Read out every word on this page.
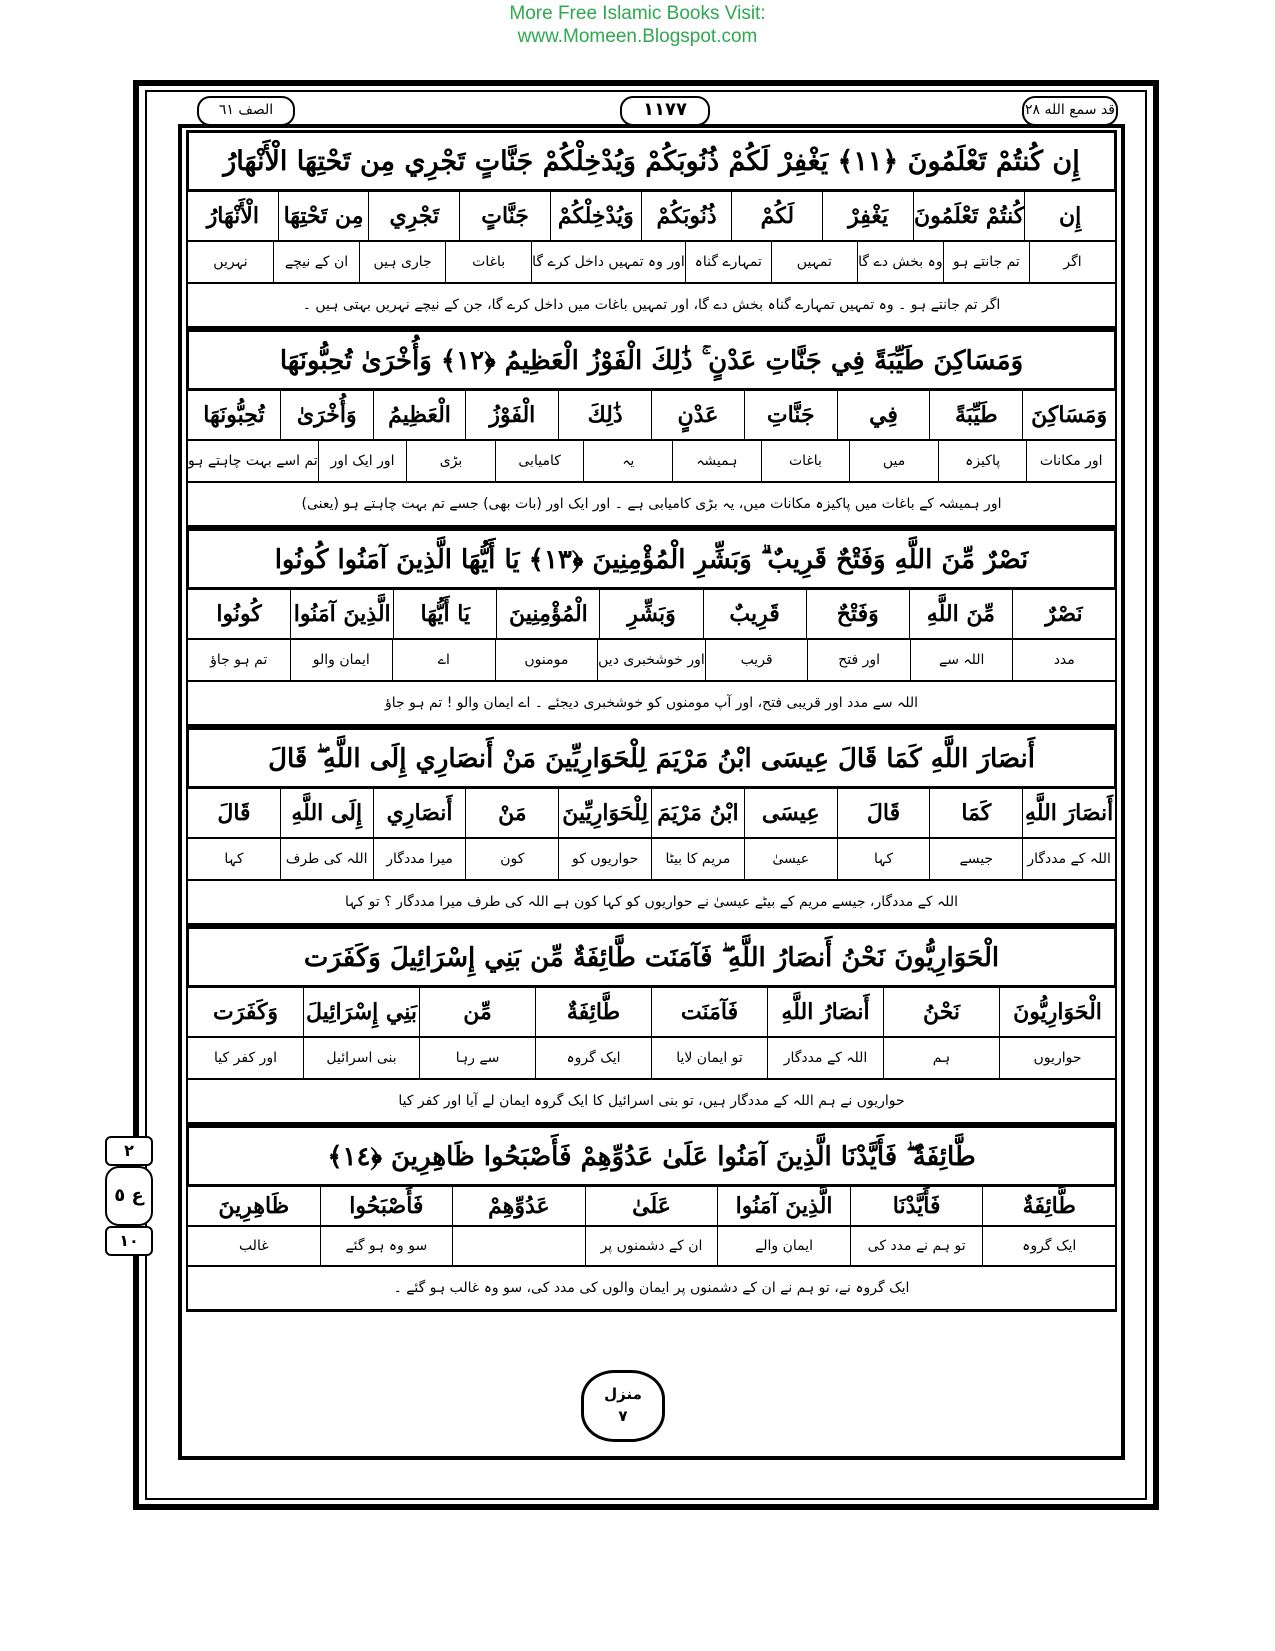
More Free Islamic Books Visit:
www.Momeen.Blogspot.com
الصف ٦١	۱۱۷۷	قد سمع الله ٢٨
إِن كُنتُمْ تَعْلَمُونَ ﴿١١﴾ يَغْفِرْ لَكُمْ ذُنُوبَكُمْ وَيُدْخِلْكُمْ جَنَّاتٍ تَجْرِي مِن تَحْتِهَا الْأَنْهَارُ
إِن
كُنتُمْ تَعْلَمُونَ
يَغْفِرْ
لَكُمْ
ذُنُوبَكُمْ
وَيُدْخِلْكُمْ
جَنَّاتٍ
تَجْرِي
مِن تَحْتِهَا
الْأَنْهَارُ
اگر
تم جانتے ہو
وہ بخش دے گا
تمہیں
تمہارے گناہ
اور وہ تمہیں داخل کرے گا
باغات
جاری ہیں
ان کے نیچے
نہریں
اگر تم جانتے ہو ۔ وہ تمہیں تمہارے گناہ بخش دے گا، اور تمہیں باغات میں داخل کرے گا، جن کے نیچے نہریں بہتی ہیں ۔
وَمَسَاكِنَ طَيِّبَةً فِي جَنَّاتِ عَدْنٍ ۚ ذَٰلِكَ الْفَوْزُ الْعَظِيمُ ﴿١٢﴾ وَأُخْرَىٰ تُحِبُّونَهَا
وَمَسَاكِنَ
طَيِّبَةً
فِي
جَنَّاتِ
عَدْنٍ
ذَٰلِكَ
الْفَوْزُ
الْعَظِيمُ
وَأُخْرَىٰ
تُحِبُّونَهَا
اور مکانات
پاکیزہ
میں
باغات
ہمیشہ
یہ
کامیابی
بڑی
اور ایک اور
تم اسے بہت چاہتے ہو
اور ہمیشہ کے باغات میں پاکیزہ مکانات میں، یہ بڑی کامیابی ہے ۔ اور ایک اور (بات بھی) جسے تم بہت چاہتے ہو (یعنی)
نَصْرٌ مِّنَ اللَّهِ وَفَتْحٌ قَرِيبٌ ۗ وَبَشِّرِ الْمُؤْمِنِينَ ﴿١٣﴾ يَا أَيُّهَا الَّذِينَ آمَنُوا كُونُوا
نَصْرٌ
مِّنَ اللَّهِ
وَفَتْحٌ
قَرِيبٌ
وَبَشِّرِ
الْمُؤْمِنِينَ
يَا أَيُّهَا
الَّذِينَ آمَنُوا
كُونُوا
مدد
اللہ سے
اور فتح
قریب
اور خوشخبری دیں
مومنوں
اے
ایمان والو
تم ہو جاؤ
اللہ سے مدد اور قریبی فتح، اور آپ مومنوں کو خوشخبری دیجئے ۔ اے ایمان والو ! تم ہو جاؤ
أَنصَارَ اللَّهِ كَمَا قَالَ عِيسَى ابْنُ مَرْيَمَ لِلْحَوَارِيِّينَ مَنْ أَنصَارِي إِلَى اللَّهِ ۖ قَالَ
أَنصَارَ اللَّهِ
كَمَا
قَالَ
عِيسَى
ابْنُ مَرْيَمَ
لِلْحَوَارِيِّينَ
مَنْ
أَنصَارِي
إِلَى اللَّهِ
قَالَ
اللہ کے مددگار
جیسے
کہا
عیسیٰ
مریم کا بیٹا
حواریوں کو
کون
میرا مددگار
اللہ کی طرف
کہا
اللہ کے مددگار، جیسے مریم کے بیٹے عیسیٰ نے حواریوں کو کہا کون ہے اللہ کی طرف میرا مددگار ؟ تو کہا
الْحَوَارِيُّونَ نَحْنُ أَنصَارُ اللَّهِ ۖ فَآمَنَت طَّائِفَةٌ مِّن بَنِي إِسْرَائِيلَ وَكَفَرَت
الْحَوَارِيُّونَ
نَحْنُ
أَنصَارُ اللَّهِ
فَآمَنَت
طَّائِفَةٌ
مِّن
بَنِي إِسْرَائِيلَ
وَكَفَرَت
حواریوں
ہم
اللہ کے مددگار
تو ایمان لایا
ایک گروہ
سے رہا
بنی اسرائیل
اور کفر کیا
حواریوں نے ہم اللہ کے مددگار ہیں، تو بنی اسرائیل کا ایک گروہ ایمان لے آیا اور کفر کیا
طَّائِفَةٌ ۖ فَأَيَّدْنَا الَّذِينَ آمَنُوا عَلَىٰ عَدُوِّهِمْ فَأَصْبَحُوا ظَاهِرِينَ ﴿١٤﴾
طَّائِفَةٌ
فَأَيَّدْنَا
الَّذِينَ آمَنُوا
عَلَىٰ
عَدُوِّهِمْ
فَأَصْبَحُوا
ظَاهِرِينَ
ایک گروہ
تو ہم نے مدد کی
ایمان والے
ان کے دشمنوں پر
سو وہ ہو گئے
غالب
ایک گروہ نے، تو ہم نے ان کے دشمنوں پر ایمان والوں کی مدد کی، سو وہ غالب ہو گئے ۔
٢
ع ٥
١٠
منزل
٧
